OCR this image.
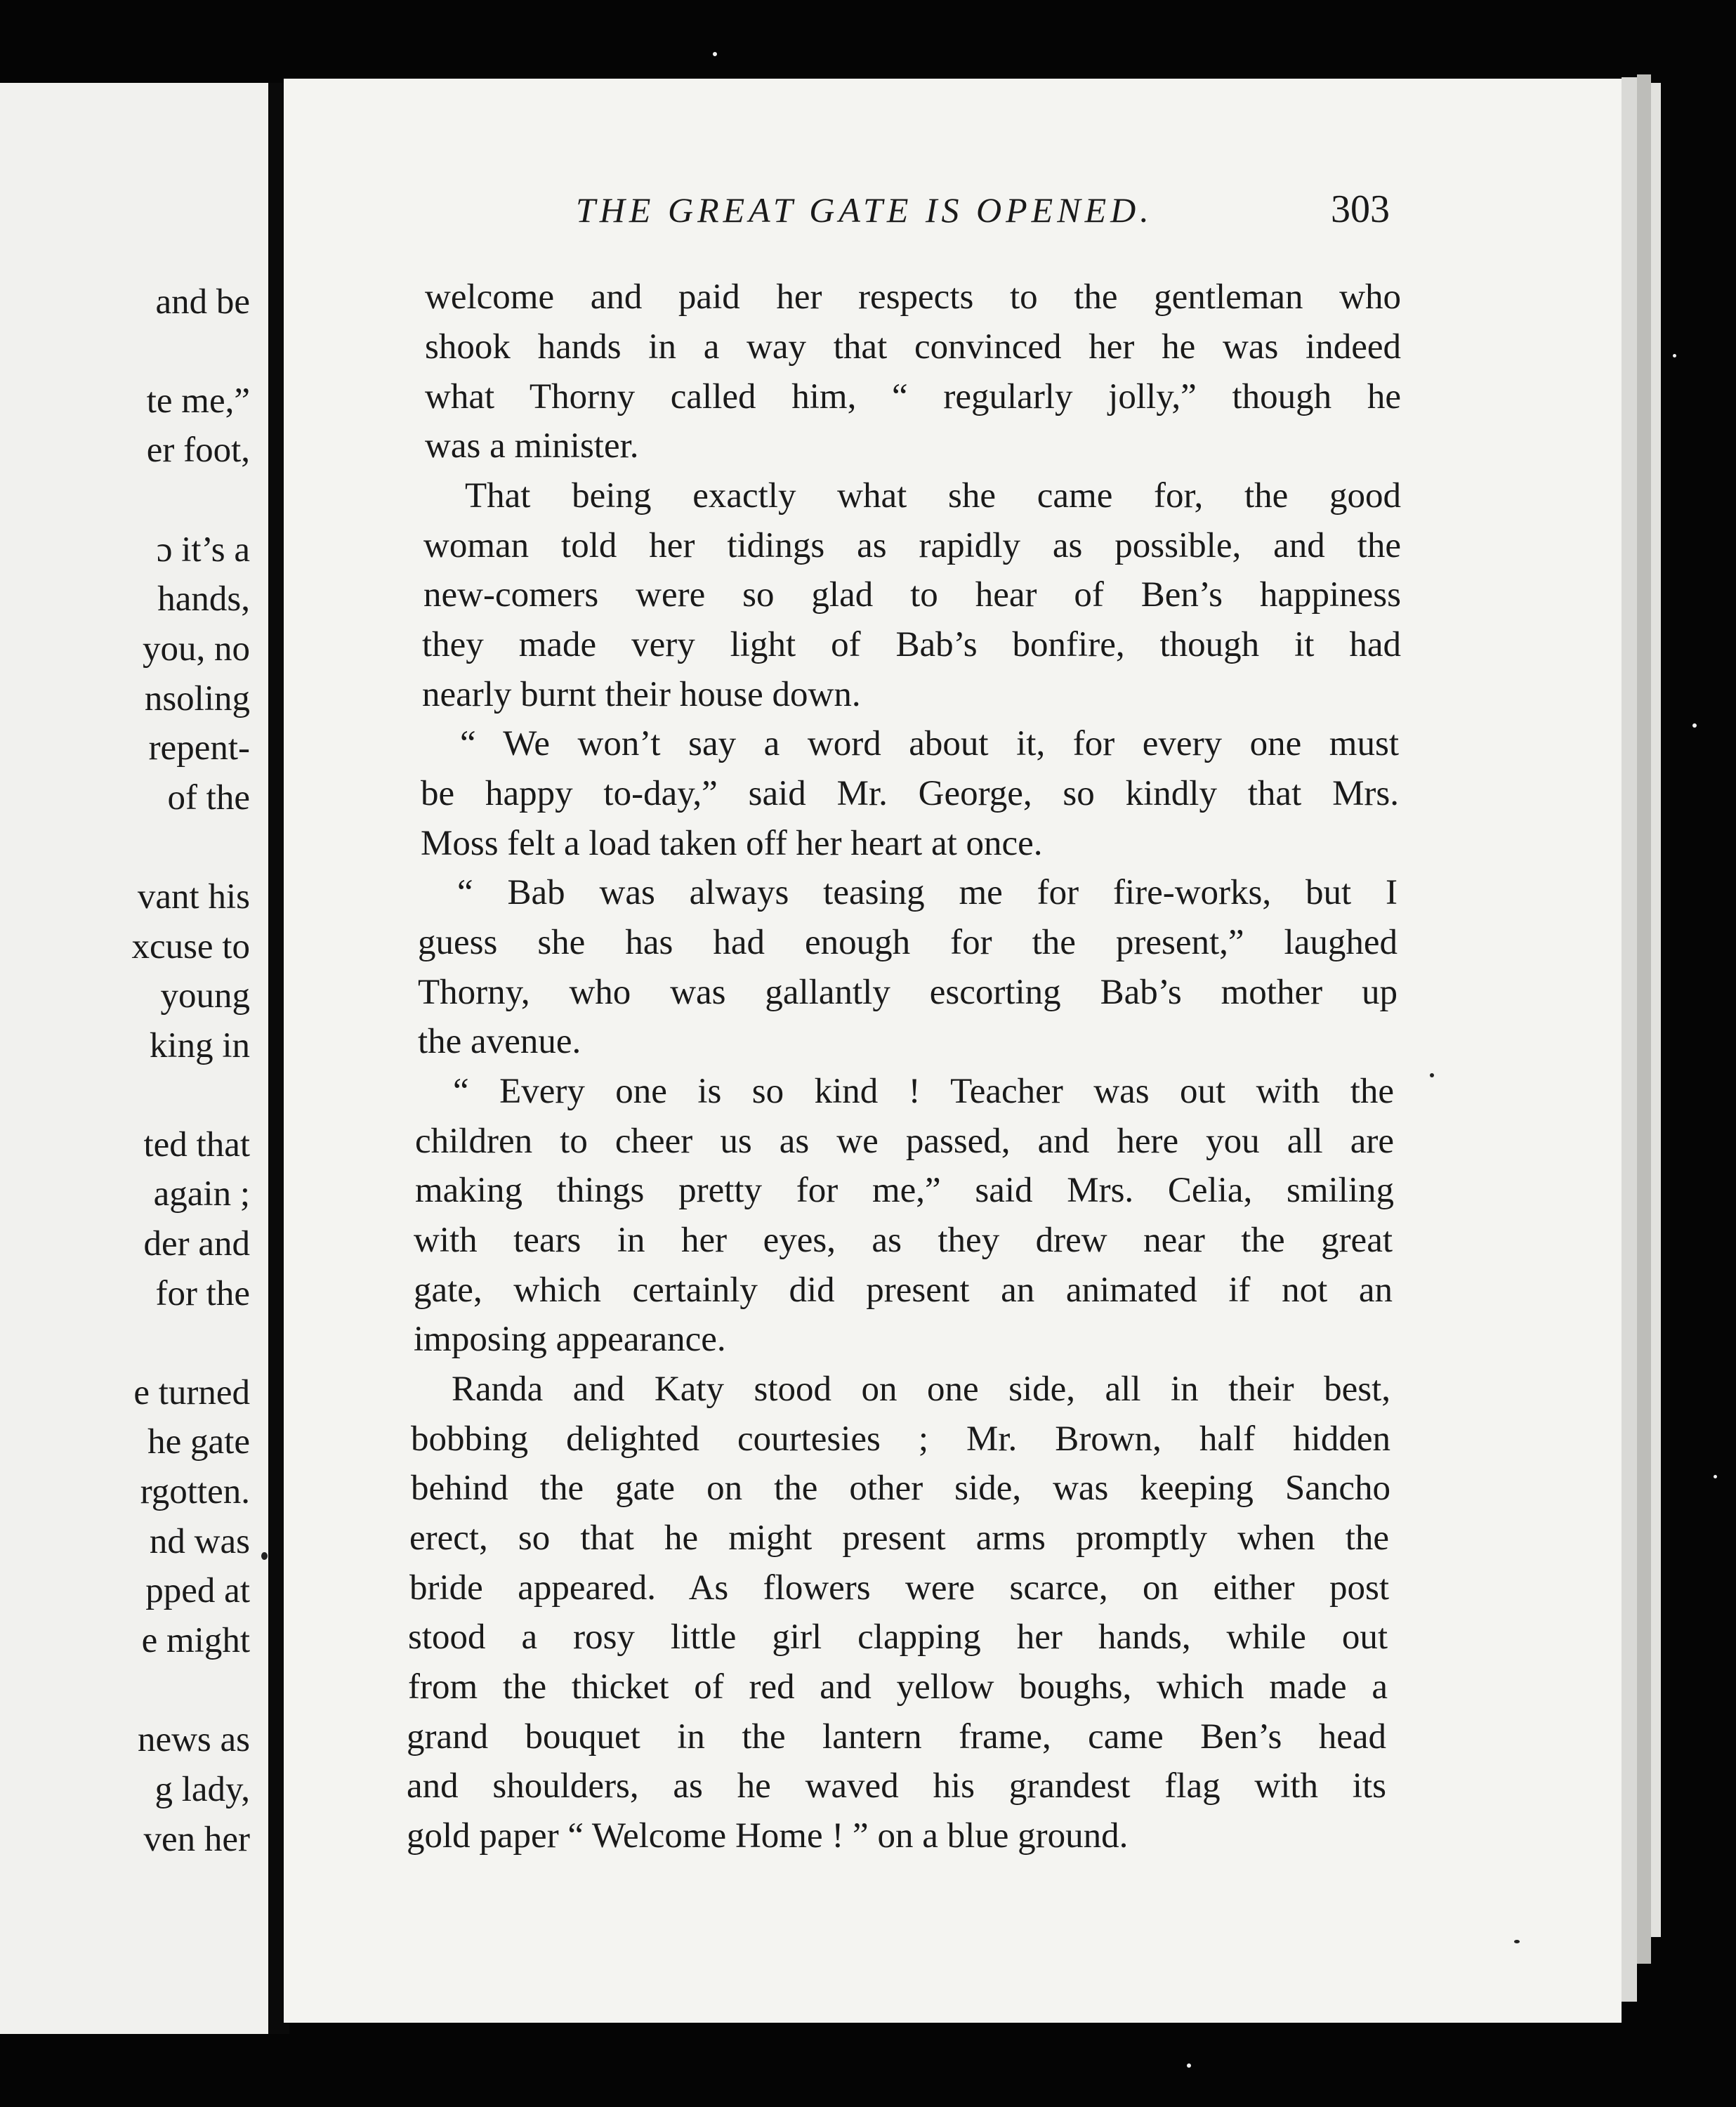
and be
te me,”
er foot,
ɔ it’s a
hands,
you, no
nsoling
repent-
of the
vant his
xcuse to
young
king in
ted that
again ;
der and
for the
e turned
he gate
rgotten.
nd was
pped at
e might
news as
g lady,
ven her
THE GREAT GATE IS OPENED.	303
welcome and paid her respects to the gentleman who
shook hands in a way that convinced her he was indeed
what Thorny called him, “ regularly jolly,” though he
was a minister.
That being exactly what she came for, the good
woman told her tidings as rapidly as possible, and the
new-comers were so glad to hear of Ben’s happiness
they made very light of Bab’s bonfire, though it had
nearly burnt their house down.
“ We won’t say a word about it, for every one must
be happy to-day,” said Mr. George, so kindly that Mrs.
Moss felt a load taken off her heart at once.
“ Bab was always teasing me for fire-works, but I
guess she has had enough for the present,” laughed
Thorny, who was gallantly escorting Bab’s mother up
the avenue.
“ Every one is so kind ! Teacher was out with the
children to cheer us as we passed, and here you all are
making things pretty for me,” said Mrs. Celia, smiling
with tears in her eyes, as they drew near the great
gate, which certainly did present an animated if not an
imposing appearance.
Randa and Katy stood on one side, all in their best,
bobbing delighted courtesies ; Mr. Brown, half hidden
behind the gate on the other side, was keeping Sancho
erect, so that he might present arms promptly when the
bride appeared. As flowers were scarce, on either post
stood a rosy little girl clapping her hands, while out
from the thicket of red and yellow boughs, which made a
grand bouquet in the lantern frame, came Ben’s head
and shoulders, as he waved his grandest flag with its
gold paper “ Welcome Home ! ” on a blue ground.
